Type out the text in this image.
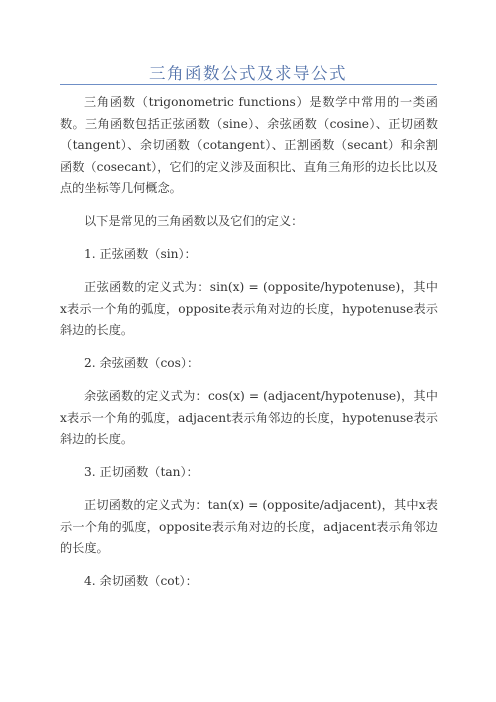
三角函数公式及求导公式

三角函数（trigonometric functions）是数学中常用的一类函数。三角函数包括正弦函数（sine）、余弦函数（cosine）、正切函数（tangent）、余切函数（cotangent）、正割函数（secant）和余割函数（cosecant），它们的定义涉及面积比、直角三角形的边长比以及点的坐标等几何概念。

以下是常见的三角函数以及它们的定义：

1. 正弦函数（sin）：

正弦函数的定义式为：sin(x) = (opposite/hypotenuse)，其中x表示一个角的弧度，opposite表示角对边的长度，hypotenuse表示斜边的长度。

2. 余弦函数（cos）：

余弦函数的定义式为：cos(x) = (adjacent/hypotenuse)，其中x表示一个角的弧度，adjacent表示角邻边的长度，hypotenuse表示斜边的长度。

3. 正切函数（tan）：

正切函数的定义式为：tan(x) = (opposite/adjacent)，其中x表示一个角的弧度，opposite表示角对边的长度，adjacent表示角邻边的长度。

4. 余切函数（cot）：
